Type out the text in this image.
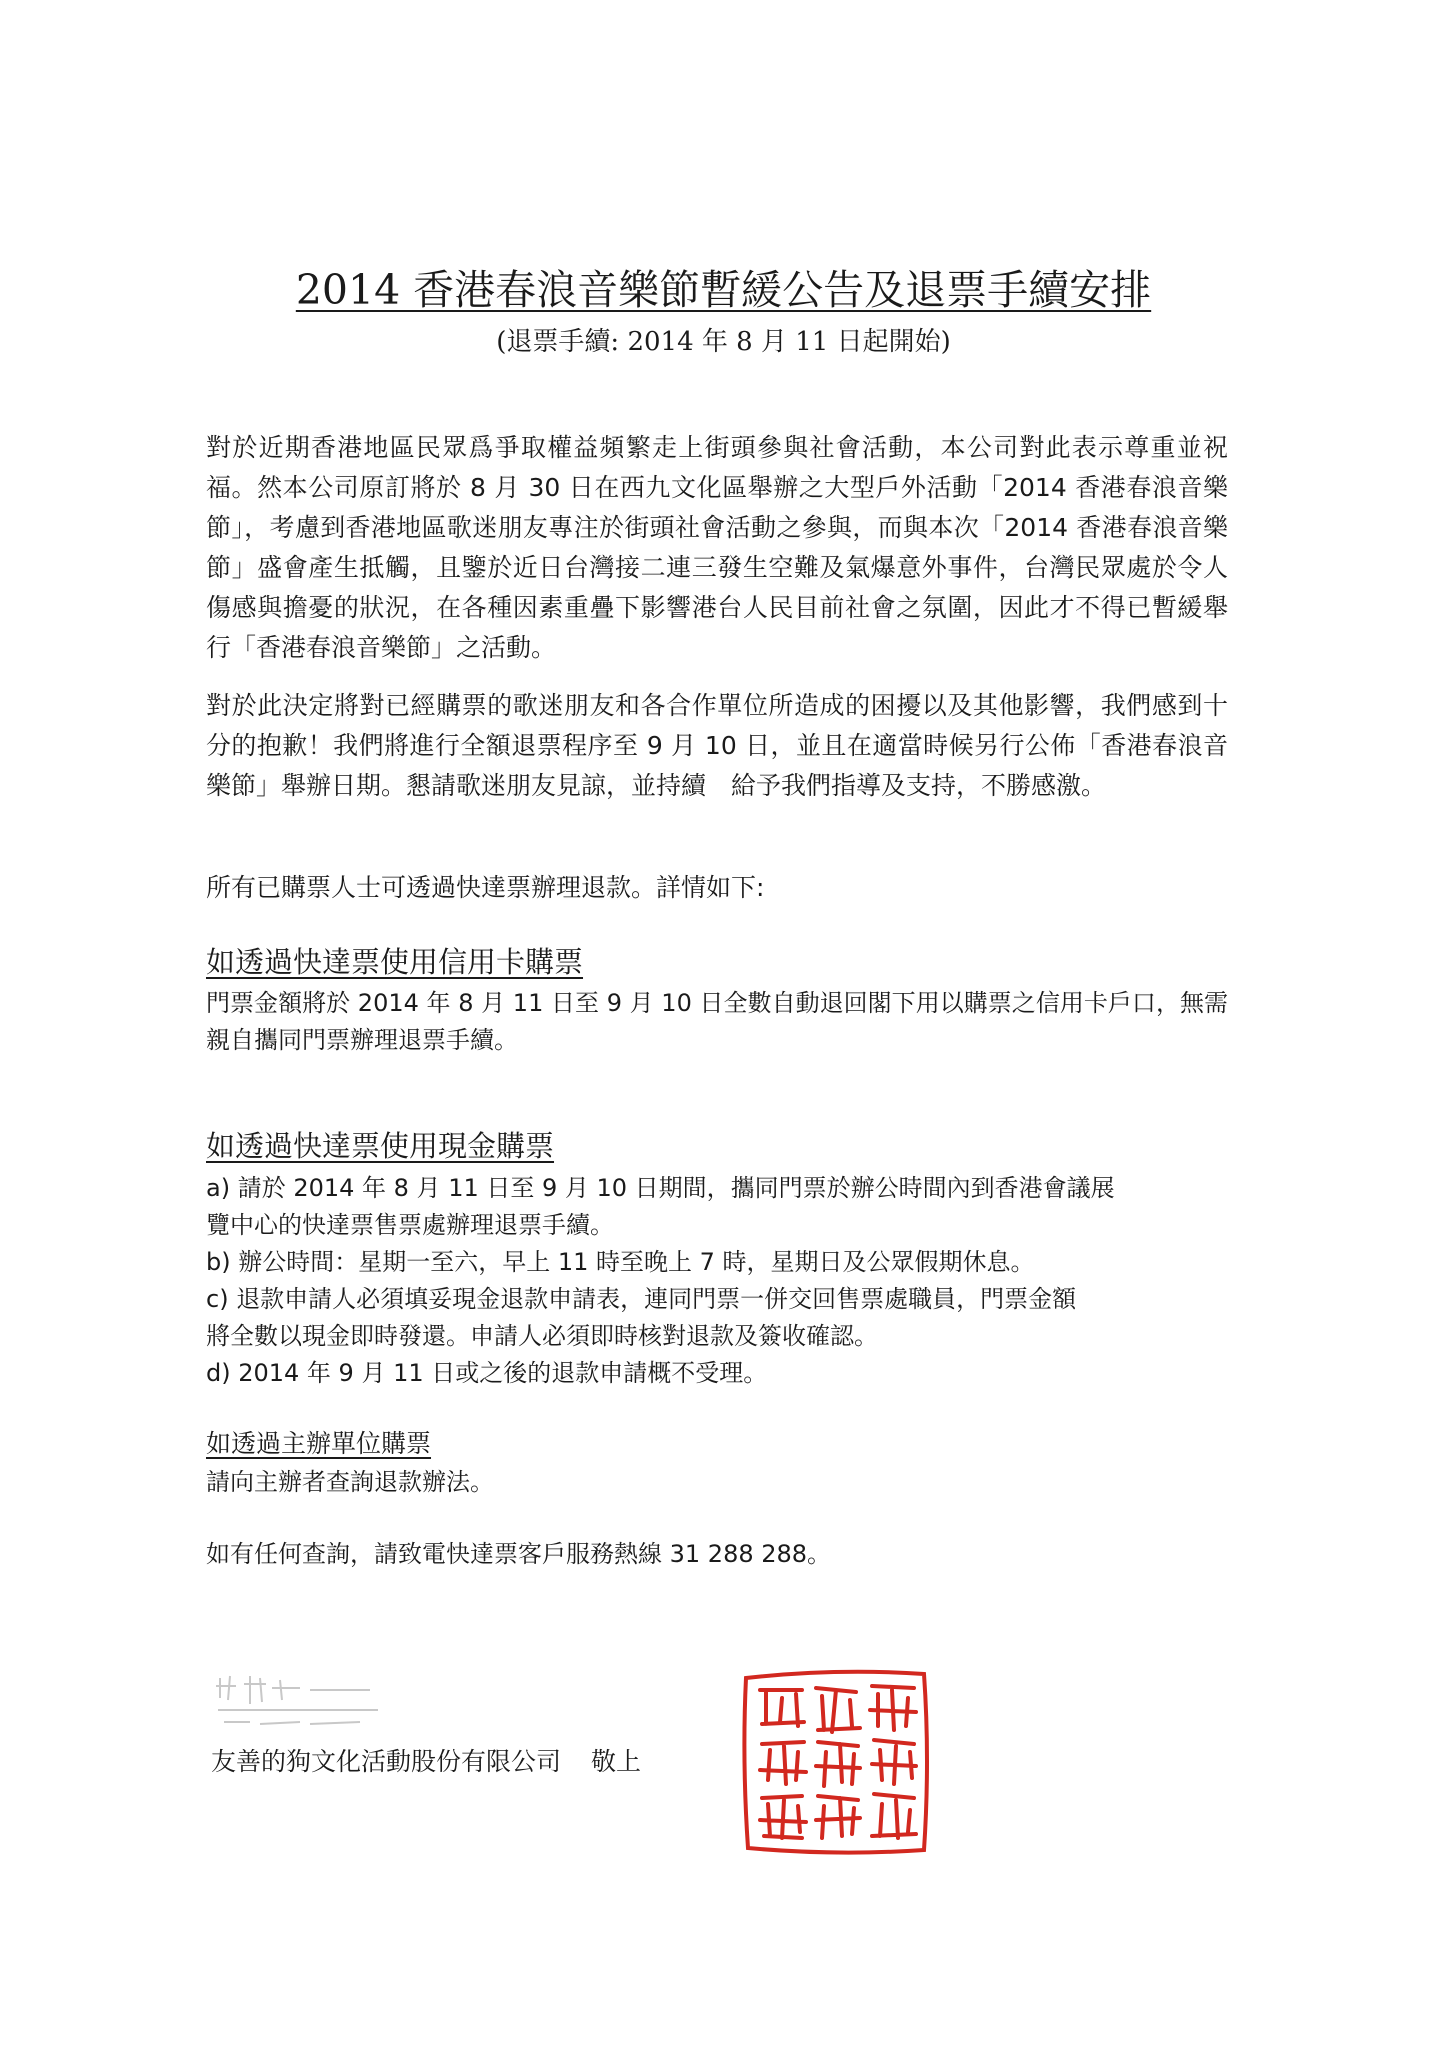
2014 香港春浪音樂節暫緩公告及退票手續安排
(退票手續: 2014 年 8 月 11 日起開始)

對於近期香港地區民眾爲爭取權益頻繁走上街頭參與社會活動，本公司對此表示尊重並祝福。然本公司原訂將於 8 月 30 日在西九文化區舉辦之大型戶外活動「2014 香港春浪音樂節」，考慮到香港地區歌迷朋友專注於街頭社會活動之參與，而與本次「2014 香港春浪音樂節」盛會產生抵觸，且鑒於近日台灣接二連三發生空難及氣爆意外事件，台灣民眾處於令人傷感與擔憂的狀況，在各種因素重疊下影響港台人民目前社會之氛圍，因此才不得已暫緩舉行「香港春浪音樂節」之活動。

對於此決定將對已經購票的歌迷朋友和各合作單位所造成的困擾以及其他影響，我們感到十分的抱歉！我們將進行全額退票程序至 9 月 10 日，並且在適當時候另行公佈「香港春浪音樂節」舉辦日期。懇請歌迷朋友見諒，並持續　給予我們指導及支持，不勝感激。

所有已購票人士可透過快達票辦理退款。詳情如下:

如透過快達票使用信用卡購票

門票金額將於 2014 年 8 月 11 日至 9 月 10 日全數自動退回閣下用以購票之信用卡戶口，無需親自攜同門票辦理退票手續。

如透過快達票使用現金購票

a) 請於 2014 年 8 月 11 日至 9 月 10 日期間，攜同門票於辦公時間內到香港會議展

覽中心的快達票售票處辦理退票手續。

b) 辦公時間：星期一至六，早上 11 時至晚上 7 時，星期日及公眾假期休息。

c) 退款申請人必須填妥現金退款申請表，連同門票一併交回售票處職員，門票金額

將全數以現金即時發還。申請人必須即時核對退款及簽收確認。

d) 2014 年 9 月 11 日或之後的退款申請概不受理。

如透過主辦單位購票

請向主辦者查詢退款辦法。

如有任何查詢，請致電快達票客戶服務熱線 31 288 288。

友善的狗文化活動股份有限公司 敬上
